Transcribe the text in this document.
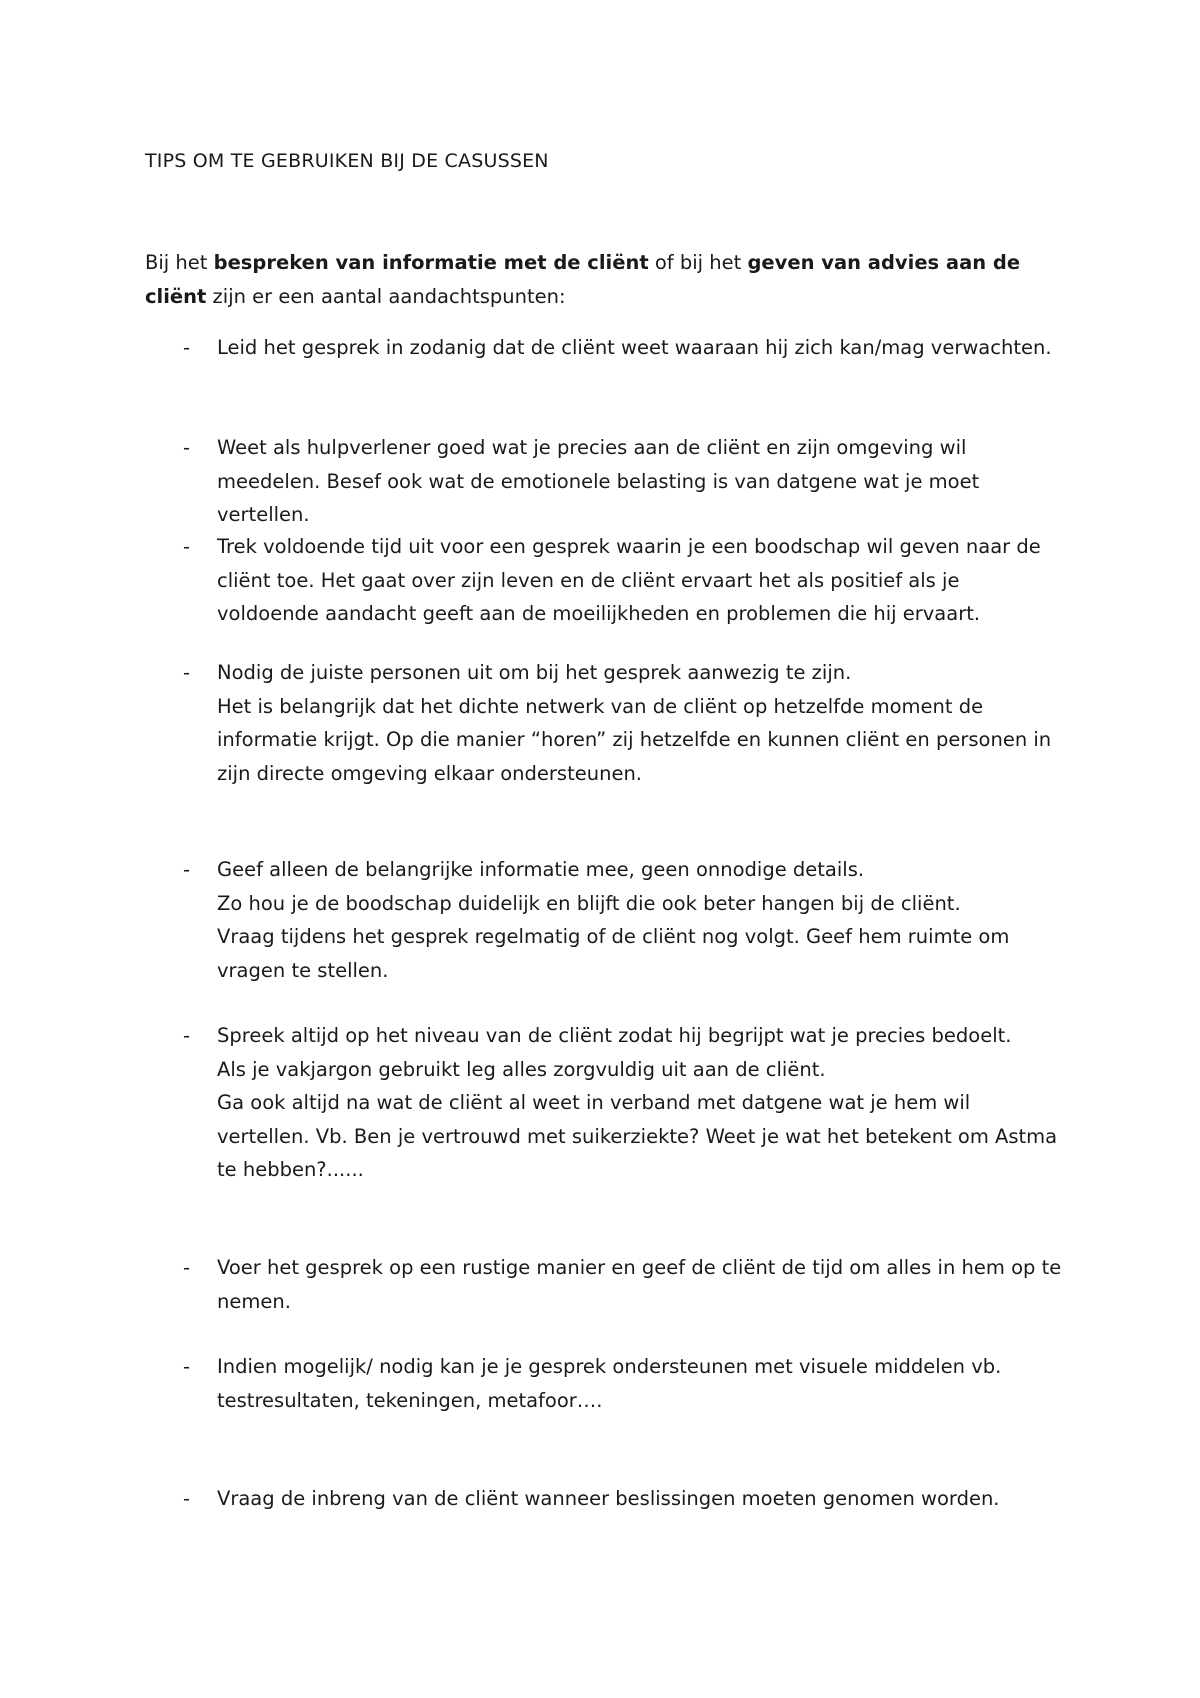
TIPS OM TE GEBRUIKEN BIJ DE CASUSSEN
Bij het bespreken van informatie met de cliënt of bij het geven van advies aan de cliënt zijn er een aantal aandachtspunten:
- Leid het gesprek in zodanig dat de cliënt weet waaraan hij zich kan/mag verwachten.
- Weet als hulpverlener goed wat je precies aan de cliënt en zijn omgeving wil meedelen. Besef ook wat de emotionele belasting is van datgene wat je moet vertellen.
- Trek voldoende tijd uit voor een gesprek waarin je een boodschap wil geven naar de cliënt toe. Het gaat over zijn leven en de cliënt ervaart het als positief als je voldoende aandacht geeft aan de moeilijkheden en problemen die hij ervaart.
- Nodig de juiste personen uit om bij het gesprek aanwezig te zijn.
Het is belangrijk dat het dichte netwerk van de cliënt op hetzelfde moment de informatie krijgt. Op die manier “horen” zij hetzelfde en kunnen cliënt en personen in zijn directe omgeving elkaar ondersteunen.
- Geef alleen de belangrijke informatie mee, geen onnodige details.
Zo hou je de boodschap duidelijk en blijft die ook beter hangen bij de cliënt.
Vraag tijdens het gesprek regelmatig of de cliënt nog volgt. Geef hem ruimte om vragen te stellen.
- Spreek altijd op het niveau van de cliënt zodat hij begrijpt wat je precies bedoelt.
Als je vakjargon gebruikt leg alles zorgvuldig uit aan de cliënt.
Ga ook altijd na wat de cliënt al weet in verband met datgene wat je hem wil vertellen. Vb. Ben je vertrouwd met suikerziekte? Weet je wat het betekent om Astma te hebben?......
- Voer het gesprek op een rustige manier en geef de cliënt de tijd om alles in hem op te nemen.
- Indien mogelijk/ nodig kan je je gesprek ondersteunen met visuele middelen vb. testresultaten, tekeningen, metafoor….
- Vraag de inbreng van de cliënt wanneer beslissingen moeten genomen worden.
